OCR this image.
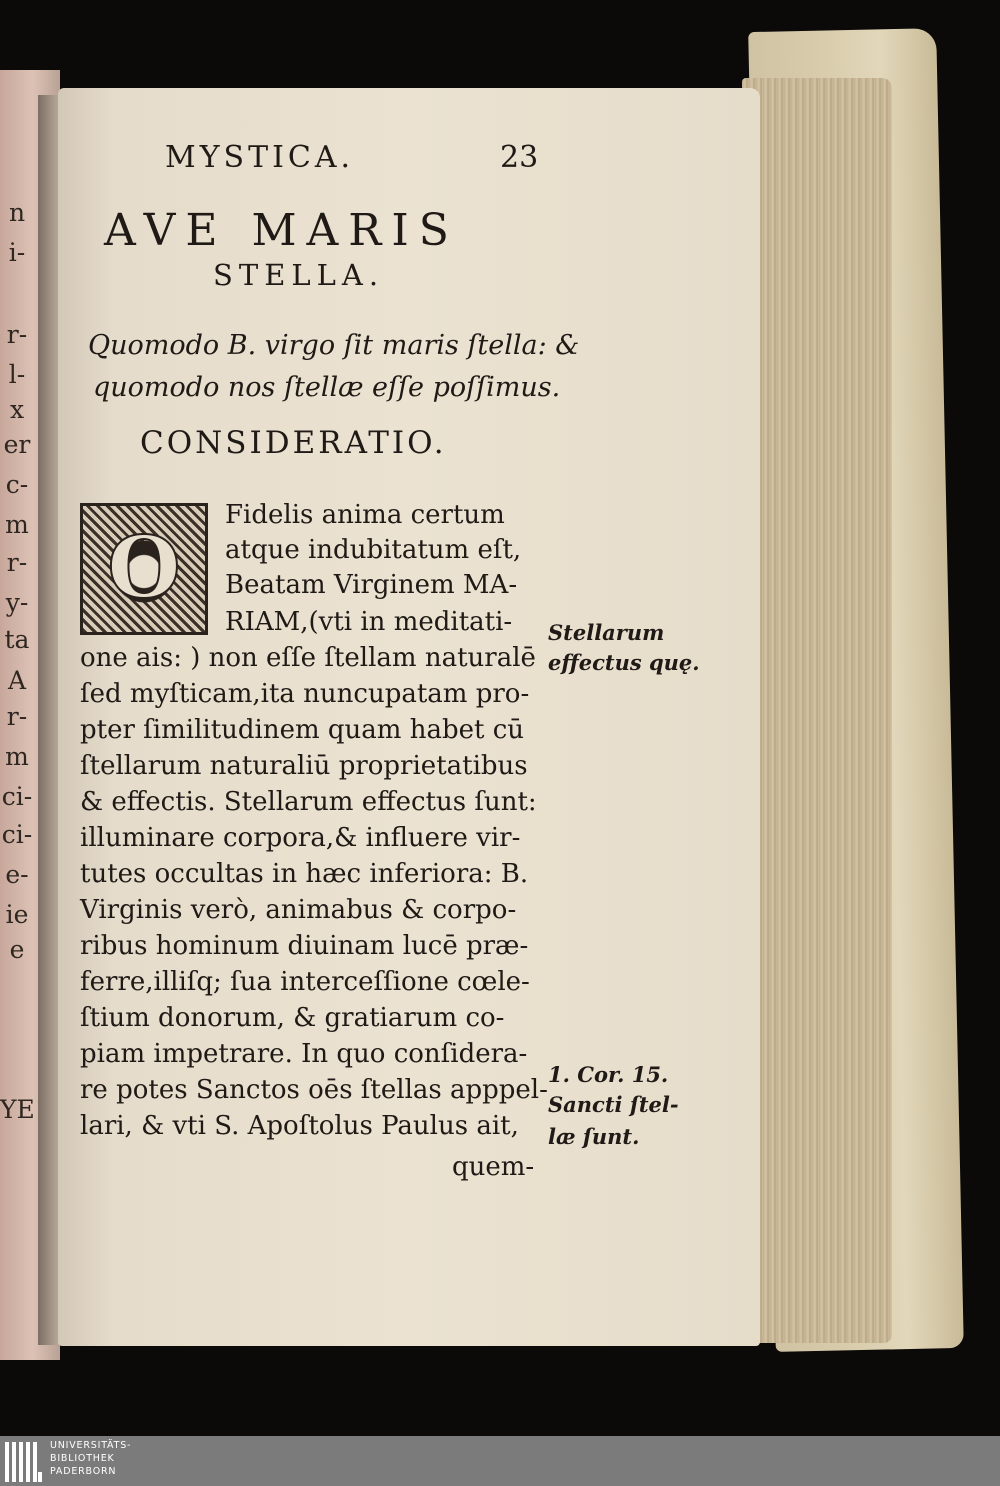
n
i-
r-
l-
x
er
c-
m
r-
y-
ta
A
r-
m
ci-
ci-
e-
ie
e
YE
MYSTICA.	23
AVE MARIS
STELLA.
Quomodo B. virgo ſit maris ſtella: &
quomodo nos ſtellæ eſſe poſſimus.
CONSIDERATIO.
O
Fidelis anima certum
atque indubitatum eſt,
Beatam Virginem MA-
RIAM,(vti in meditati-
one ais: ) non eſſe ſtellam naturalē
ſed myſticam,ita nuncupatam pro-
pter ſimilitudinem quam habet cū
ſtellarum naturaliū proprietatibus
& effectis. Stellarum effectus ſunt:
illuminare corpora,& influere vir-
tutes occultas in hæc inferiora: B.
Virginis verò, animabus & corpo-
ribus hominum diuinam lucē præ-
ferre,illiſq; ſua interceſſione cœle-
ſtium donorum, & gratiarum co-
piam impetrare. In quo conſidera-
re potes Sanctos oēs ſtellas apppel-
lari, & vti S. Apoſtolus Paulus ait,
quem-
Stellarum
effectus quę.
1. Cor. 15.
Sancti ſtel-
læ ſunt.
UNIVERSITÄTS-
BIBLIOTHEK
PADERBORN
